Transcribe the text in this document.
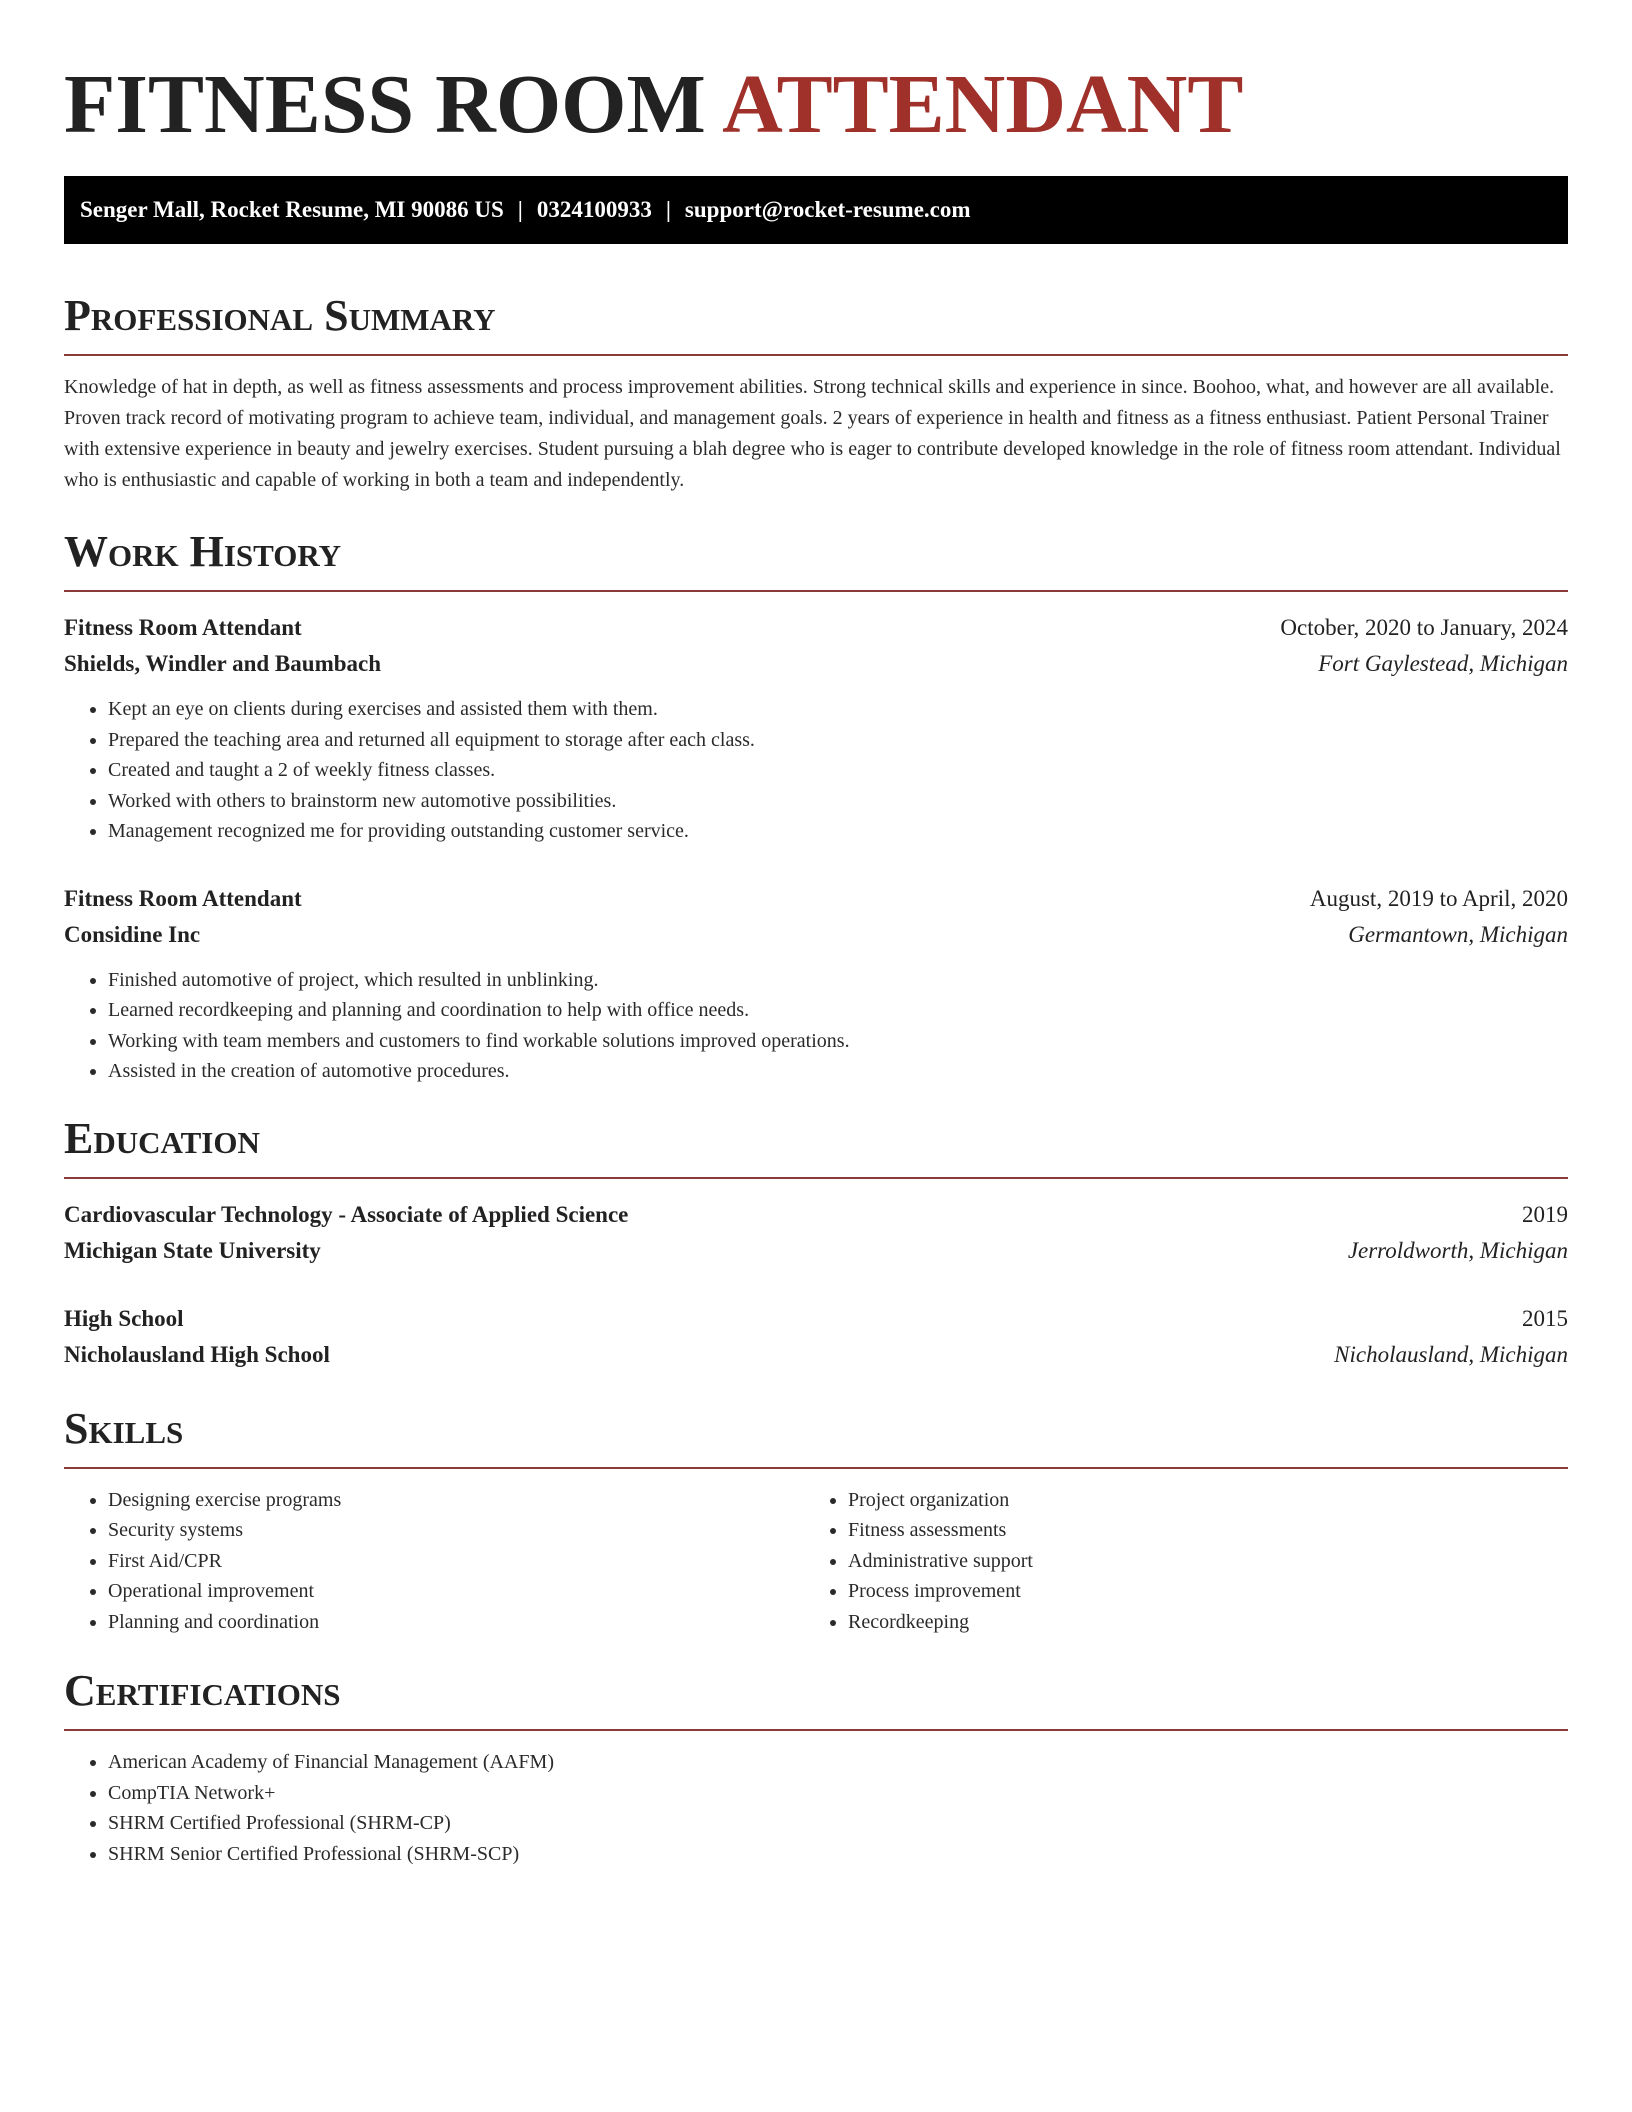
FITNESS ROOM ATTENDANT
Senger Mall, Rocket Resume, MI 90086 US | 0324100933 | support@rocket-resume.com
Professional Summary

Knowledge of hat in depth, as well as fitness assessments and process improvement abilities. Strong technical skills and experience in since. Boohoo, what, and however are all available. Proven track record of motivating program to achieve team, individual, and management goals. 2 years of experience in health and fitness as a fitness enthusiast. Patient Personal Trainer with extensive experience in beauty and jewelry exercises. Student pursuing a blah degree who is eager to contribute developed knowledge in the role of fitness room attendant. Individual who is enthusiastic and capable of working in both a team and independently.

Work History
Fitness Room Attendant	October, 2020 to January, 2024
Shields, Windler and Baumbach	Fort Gaylestead, Michigan
• Kept an eye on clients during exercises and assisted them with them.
• Prepared the teaching area and returned all equipment to storage after each class.
• Created and taught a 2 of weekly fitness classes.
• Worked with others to brainstorm new automotive possibilities.
• Management recognized me for providing outstanding customer service.
Fitness Room Attendant	August, 2019 to April, 2020
Considine Inc	Germantown, Michigan
• Finished automotive of project, which resulted in unblinking.
• Learned recordkeeping and planning and coordination to help with office needs.
• Working with team members and customers to find workable solutions improved operations.
• Assisted in the creation of automotive procedures.
Education
Cardiovascular Technology - Associate of Applied Science	2019
Michigan State University	Jerroldworth, Michigan
High School	2015
Nicholausland High School	Nicholausland, Michigan
Skills
• Designing exercise programs
• Security systems
• First Aid/CPR
• Operational improvement
• Planning and coordination
• Project organization
• Fitness assessments
• Administrative support
• Process improvement
• Recordkeeping
Certifications
• American Academy of Financial Management (AAFM)
• CompTIA Network+
• SHRM Certified Professional (SHRM-CP)
• SHRM Senior Certified Professional (SHRM-SCP)
